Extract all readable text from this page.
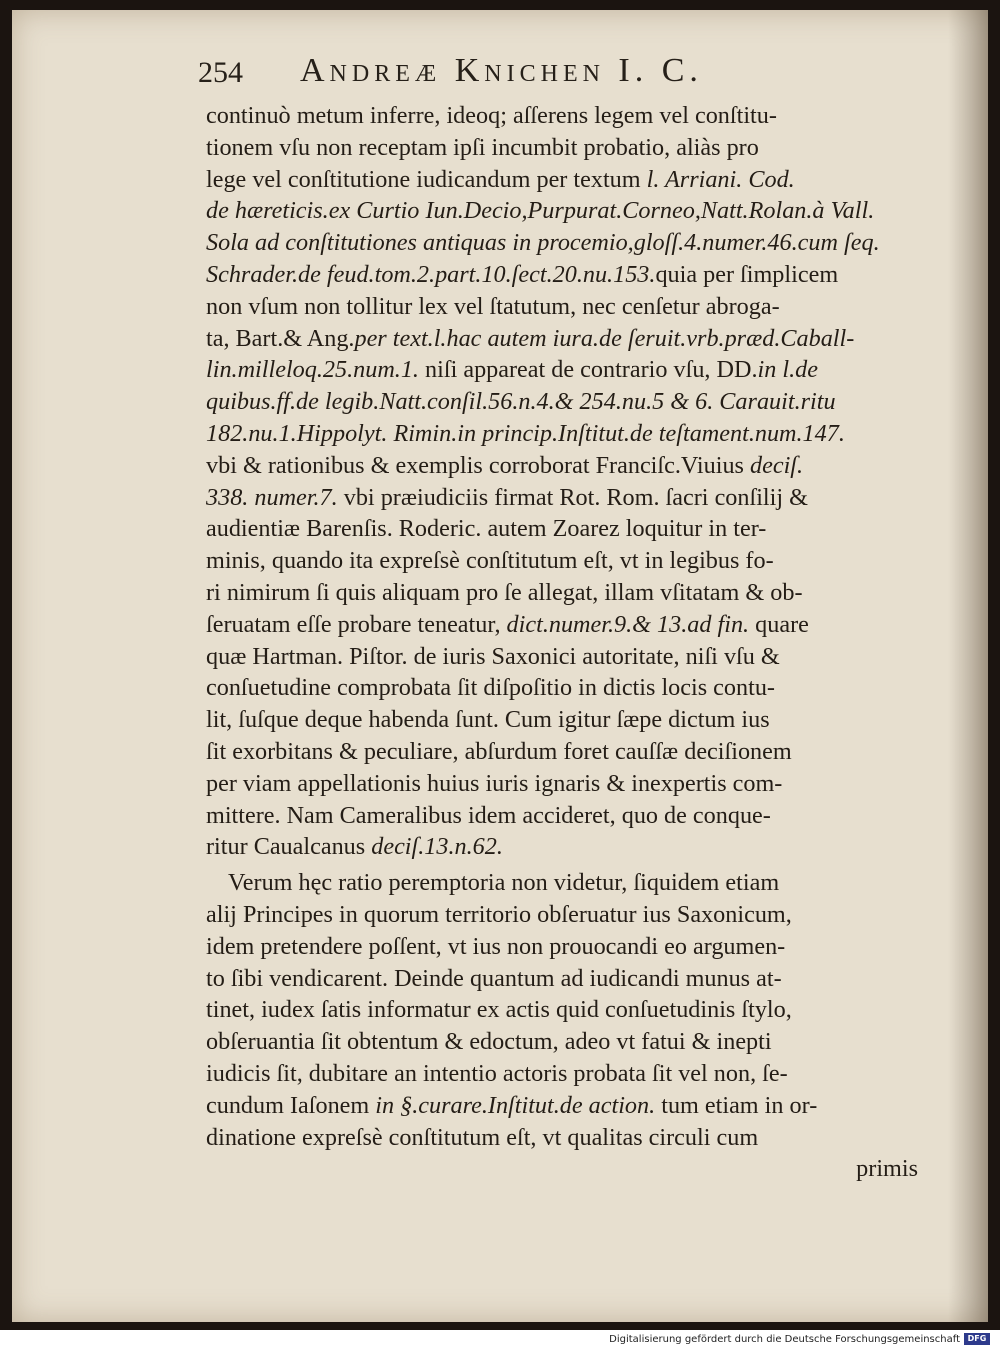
254 Andreæ Knichen I. C.
continuò metum inferre, ideoq; aſſerens legem vel conſtitu-
tionem vſu non receptam ipſi incumbit probatio, aliàs pro
lege vel conſtitutione iudicandum per textum l. Arriani. Cod.
de hæreticis.ex Curtio Iun.Decio,Purpurat.Corneo,Natt.Rolan.à Vall.
Sola ad conſtitutiones antiquas in procemio,gloſſ.4.numer.46.cum ſeq.
Schrader.de feud.tom.2.part.10.ſect.20.nu.153.quia per ſimplicem
non vſum non tollitur lex vel ſtatutum, nec cenſetur abroga-
ta, Bart.& Ang.per text.l.hac autem iura.de ſeruit.vrb.præd.Caball-
lin.milleloq.25.num.1. niſi appareat de contrario vſu, DD.in l.de
quibus.ff.de legib.Natt.conſil.56.n.4.& 254.nu.5 & 6. Carauit.ritu
182.nu.1.Hippolyt. Rimin.in princip.Inſtitut.de teſtament.num.147.
vbi & rationibus & exemplis corroborat Franciſc.Viuius deciſ.
338. numer.7. vbi præiudiciis firmat Rot. Rom. ſacri conſilij &
audientiæ Barenſis. Roderic. autem Zoarez loquitur in ter-
minis, quando ita expreſsè conſtitutum eſt, vt in legibus fo-
ri nimirum ſi quis aliquam pro ſe allegat, illam vſitatam & ob-
ſeruatam eſſe probare teneatur, dict.numer.9.& 13.ad fin. quare
quæ Hartman. Piſtor. de iuris Saxonici autoritate, niſi vſu &
conſuetudine comprobata ſit diſpoſitio in dictis locis contu-
lit, ſuſque deque habenda ſunt. Cum igitur ſæpe dictum ius
ſit exorbitans & peculiare, abſurdum foret cauſſæ deciſionem
per viam appellationis huius iuris ignaris & inexpertis com-
mittere. Nam Cameralibus idem accideret, quo de conque-
ritur Caualcanus deciſ.13.n.62.
Verum hęc ratio peremptoria non videtur, ſiquidem etiam
alij Principes in quorum territorio obſeruatur ius Saxonicum,
idem pretendere poſſent, vt ius non prouocandi eo argumen-
to ſibi vendicarent. Deinde quantum ad iudicandi munus at-
tinet, iudex ſatis informatur ex actis quid conſuetudinis ſtylo,
obſeruantia ſit obtentum & edoctum, adeo vt fatui & inepti
iudicis ſit, dubitare an intentio actoris probata ſit vel non, ſe-
cundum Iaſonem in §.curare.Inſtitut.de action. tum etiam in or-
dinatione expreſsè conſtitutum eſt, vt qualitas circuli cum
primis
Digitalisierung gefördert durch die Deutsche Forschungsgemeinschaft DFG
